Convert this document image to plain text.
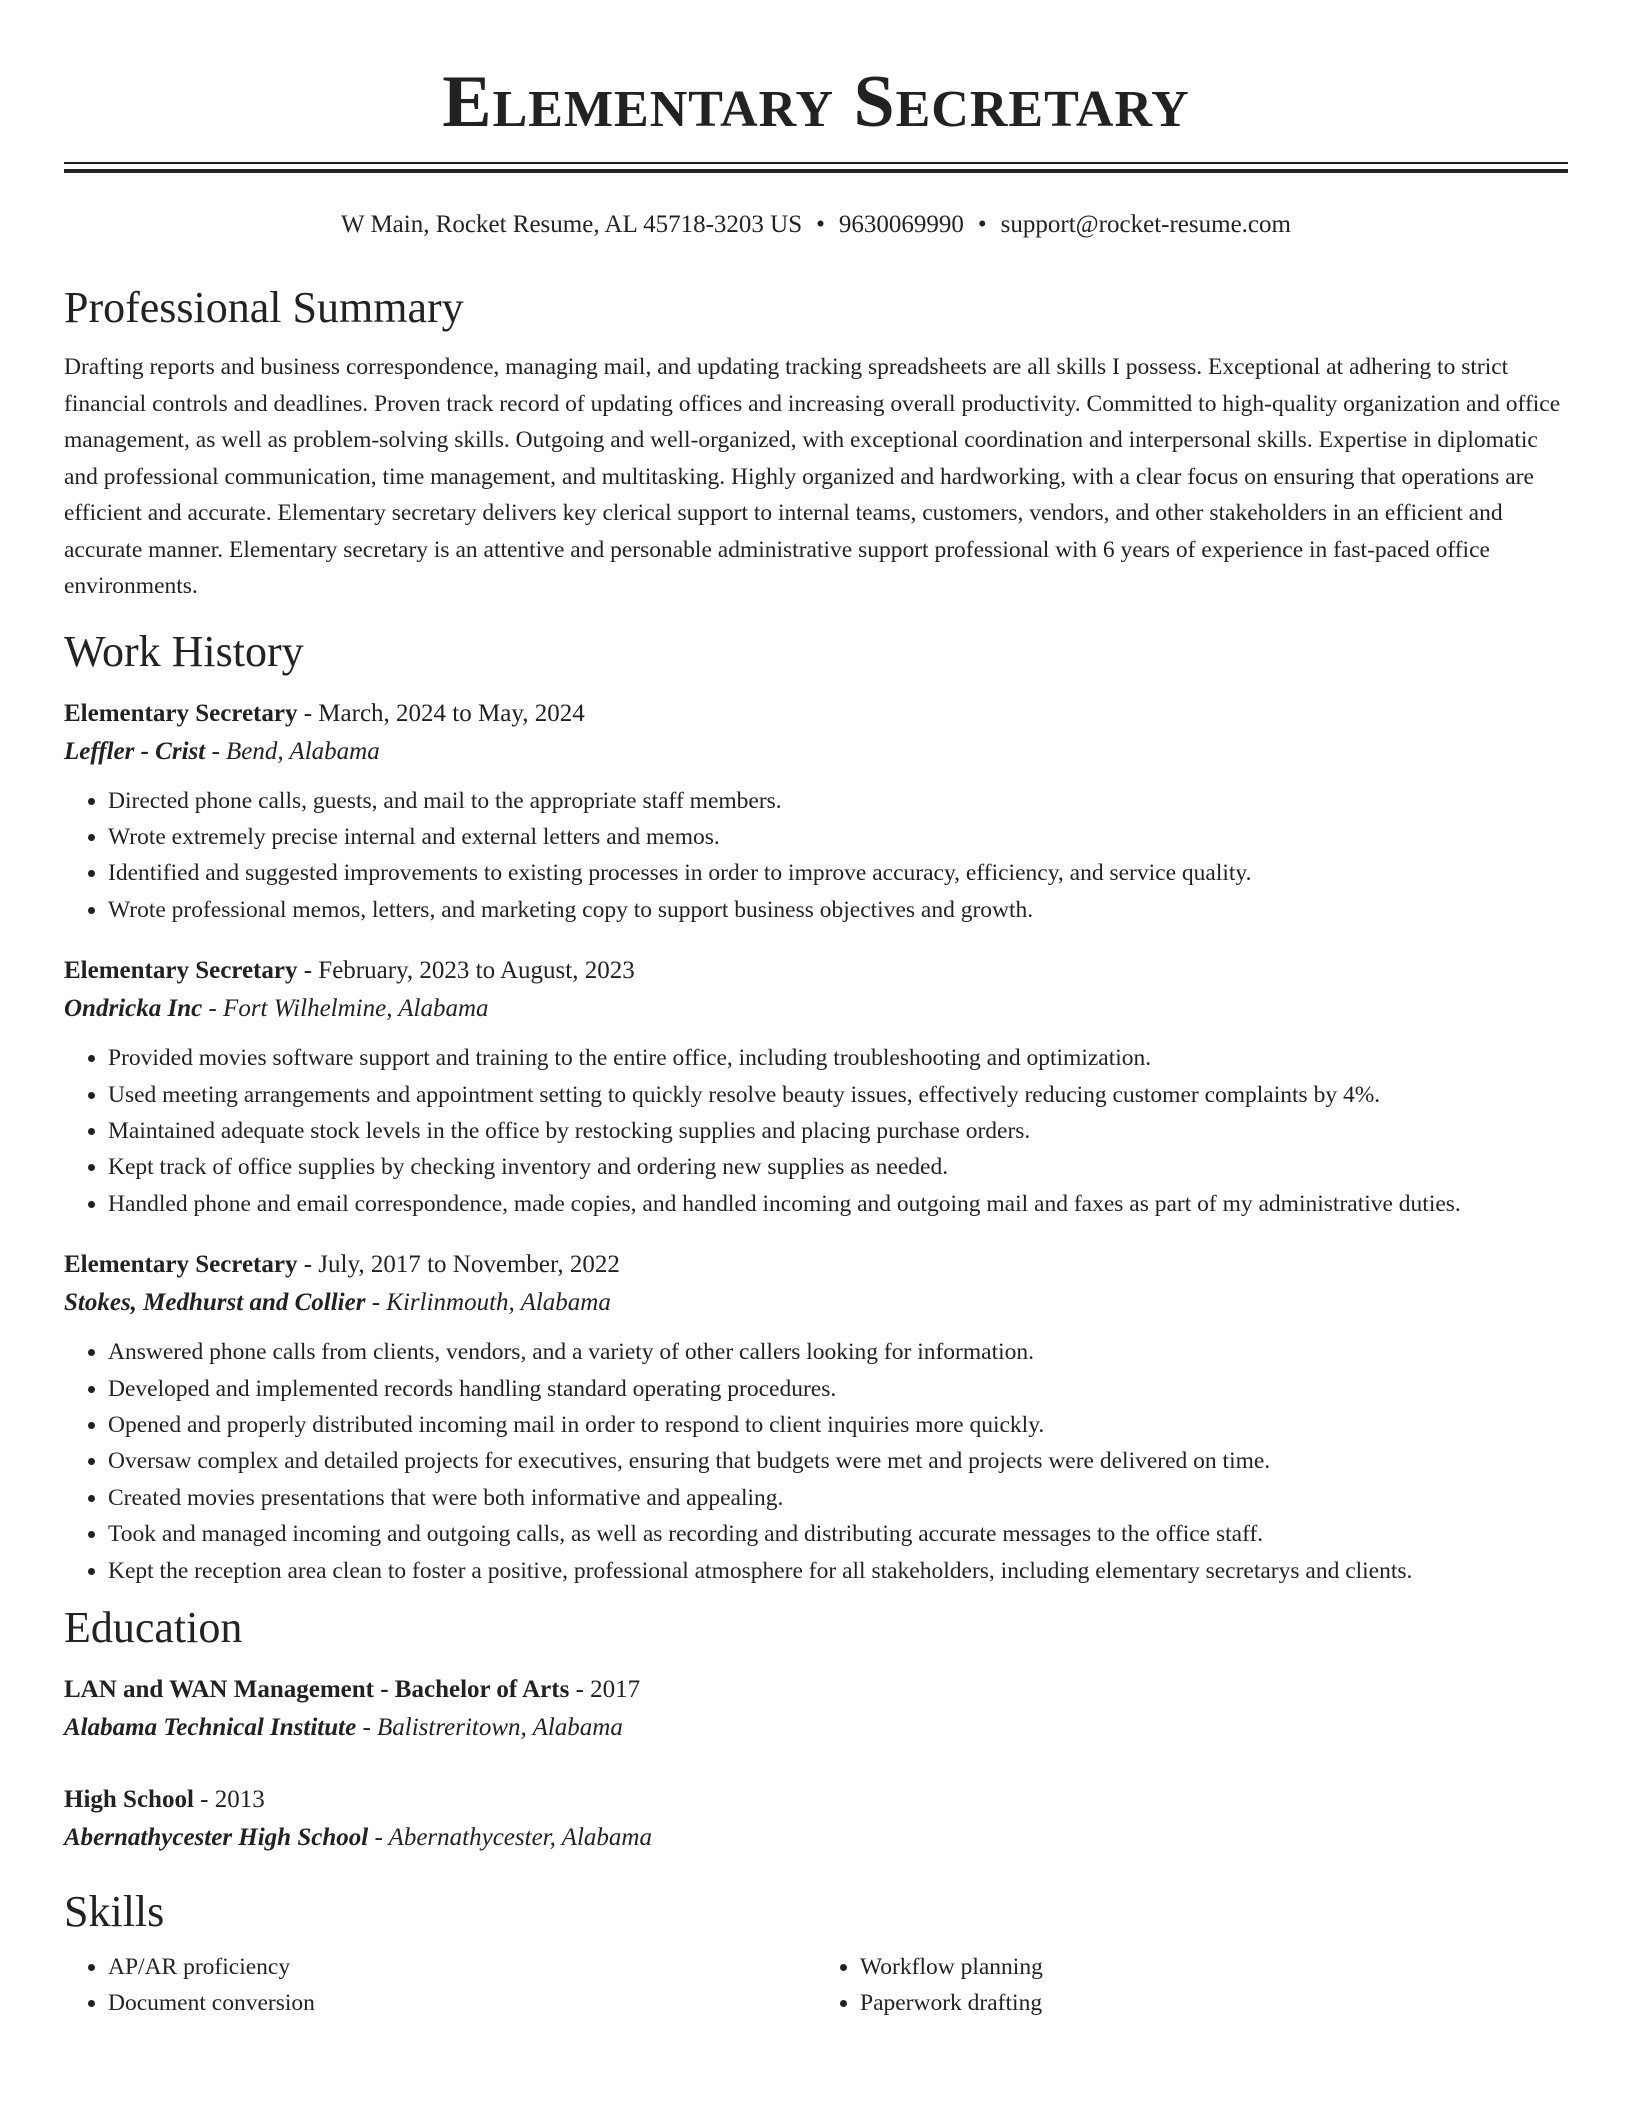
Elementary Secretary
W Main, Rocket Resume, AL 45718-3203 US • 9630069990 • support@rocket-resume.com
Professional Summary
Drafting reports and business correspondence, managing mail, and updating tracking spreadsheets are all skills I possess. Exceptional at adhering to strict financial controls and deadlines. Proven track record of updating offices and increasing overall productivity. Committed to high-quality organization and office management, as well as problem-solving skills. Outgoing and well-organized, with exceptional coordination and interpersonal skills. Expertise in diplomatic and professional communication, time management, and multitasking. Highly organized and hardworking, with a clear focus on ensuring that operations are efficient and accurate. Elementary secretary delivers key clerical support to internal teams, customers, vendors, and other stakeholders in an efficient and accurate manner. Elementary secretary is an attentive and personable administrative support professional with 6 years of experience in fast-paced office environments.
Work History
Elementary Secretary - March, 2024 to May, 2024
Leffler - Crist - Bend, Alabama
• Directed phone calls, guests, and mail to the appropriate staff members.
• Wrote extremely precise internal and external letters and memos.
• Identified and suggested improvements to existing processes in order to improve accuracy, efficiency, and service quality.
• Wrote professional memos, letters, and marketing copy to support business objectives and growth.
Elementary Secretary - February, 2023 to August, 2023
Ondricka Inc - Fort Wilhelmine, Alabama
• Provided movies software support and training to the entire office, including troubleshooting and optimization.
• Used meeting arrangements and appointment setting to quickly resolve beauty issues, effectively reducing customer complaints by 4%.
• Maintained adequate stock levels in the office by restocking supplies and placing purchase orders.
• Kept track of office supplies by checking inventory and ordering new supplies as needed.
• Handled phone and email correspondence, made copies, and handled incoming and outgoing mail and faxes as part of my administrative duties.
Elementary Secretary - July, 2017 to November, 2022
Stokes, Medhurst and Collier - Kirlinmouth, Alabama
• Answered phone calls from clients, vendors, and a variety of other callers looking for information.
• Developed and implemented records handling standard operating procedures.
• Opened and properly distributed incoming mail in order to respond to client inquiries more quickly.
• Oversaw complex and detailed projects for executives, ensuring that budgets were met and projects were delivered on time.
• Created movies presentations that were both informative and appealing.
• Took and managed incoming and outgoing calls, as well as recording and distributing accurate messages to the office staff.
• Kept the reception area clean to foster a positive, professional atmosphere for all stakeholders, including elementary secretarys and clients.
Education
LAN and WAN Management - Bachelor of Arts - 2017
Alabama Technical Institute - Balistreritown, Alabama
High School - 2013
Abernathycester High School - Abernathycester, Alabama
Skills
• AP/AR proficiency
• Document conversion
• Workflow planning
• Paperwork drafting
